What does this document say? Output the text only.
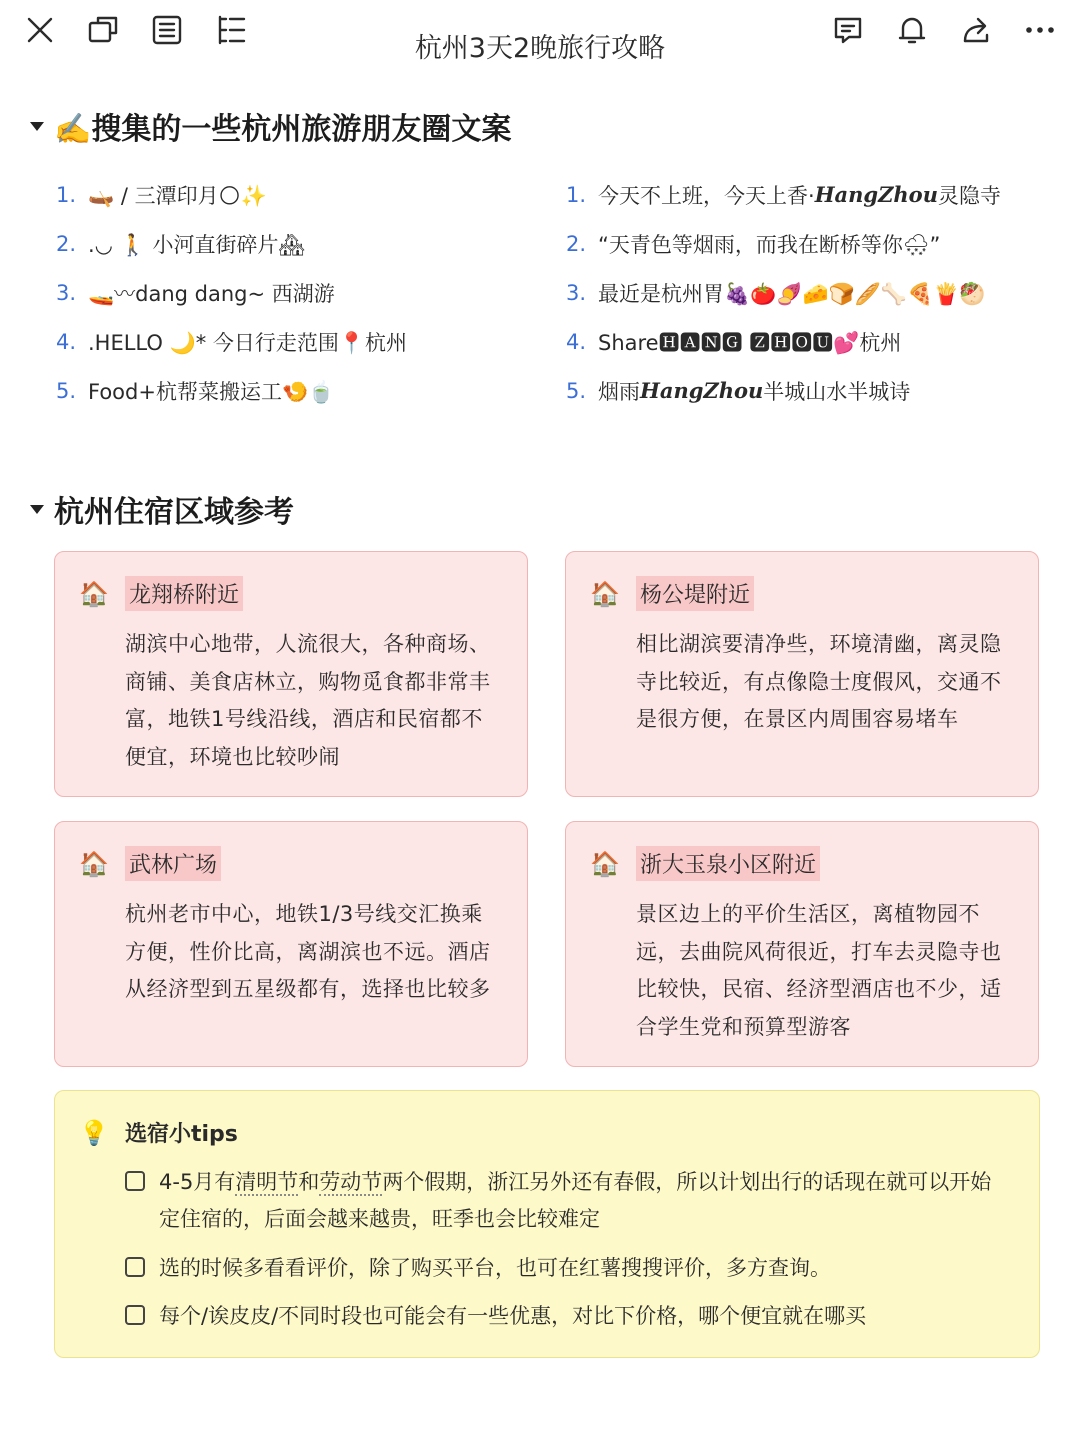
杭州3天2晚旅行攻略
✍️搜集的一些杭州旅游朋友圈文案
1. 🛶 / 三潭印月🌕✨
2. .◡ 🚶 小河直街碎片🏘
3. 🚤〰dang dang~ 西湖游
4. .HELLO 🌙* 今日行走范围📍杭州
5. Food+杭帮菜搬运工🍤🍵
1. 今天不上班，今天上香· HangZhou 灵隐寺
2. “天青色等烟雨，而我在断桥等你🌨”
3. 最近是杭州胃🍇🍅🍠🧀🍞🥖🦴🍕🍟🥙
4. Share🅷🅰🅽🅶 🆉🅷🅾🆄💕杭州
5. 烟雨 HangZhou 半城山水半城诗
杭州住宿区域参考
🏠 龙翔桥附近
湖滨中心地带，人流很大，各种商场、商铺、美食店林立，购物觅食都非常丰富，地铁1号线沿线，酒店和民宿都不便宜，环境也比较吵闹
🏠 杨公堤附近
相比湖滨要清净些，环境清幽，离灵隐寺比较近，有点像隐士度假风，交通不是很方便，在景区内周围容易堵车
🏠 武林广场
杭州老市中心，地铁1/3号线交汇换乘方便，性价比高，离湖滨也不远。酒店从经济型到五星级都有，选择也比较多
🏠 浙大玉泉小区附近
景区边上的平价生活区，离植物园不远，去曲院风荷很近，打车去灵隐寺也比较快，民宿、经济型酒店也不少，适合学生党和预算型游客
💡 选宿小tips
4-5月有清明节和劳动节两个假期，浙江另外还有春假，所以计划出行的话现在就可以开始定住宿的，后面会越来越贵，旺季也会比较难定
选的时候多看看评价，除了购买平台，也可在红薯搜搜评价，多方查询。
每个/诶皮皮/不同时段也可能会有一些优惠，对比下价格，哪个便宜就在哪买
